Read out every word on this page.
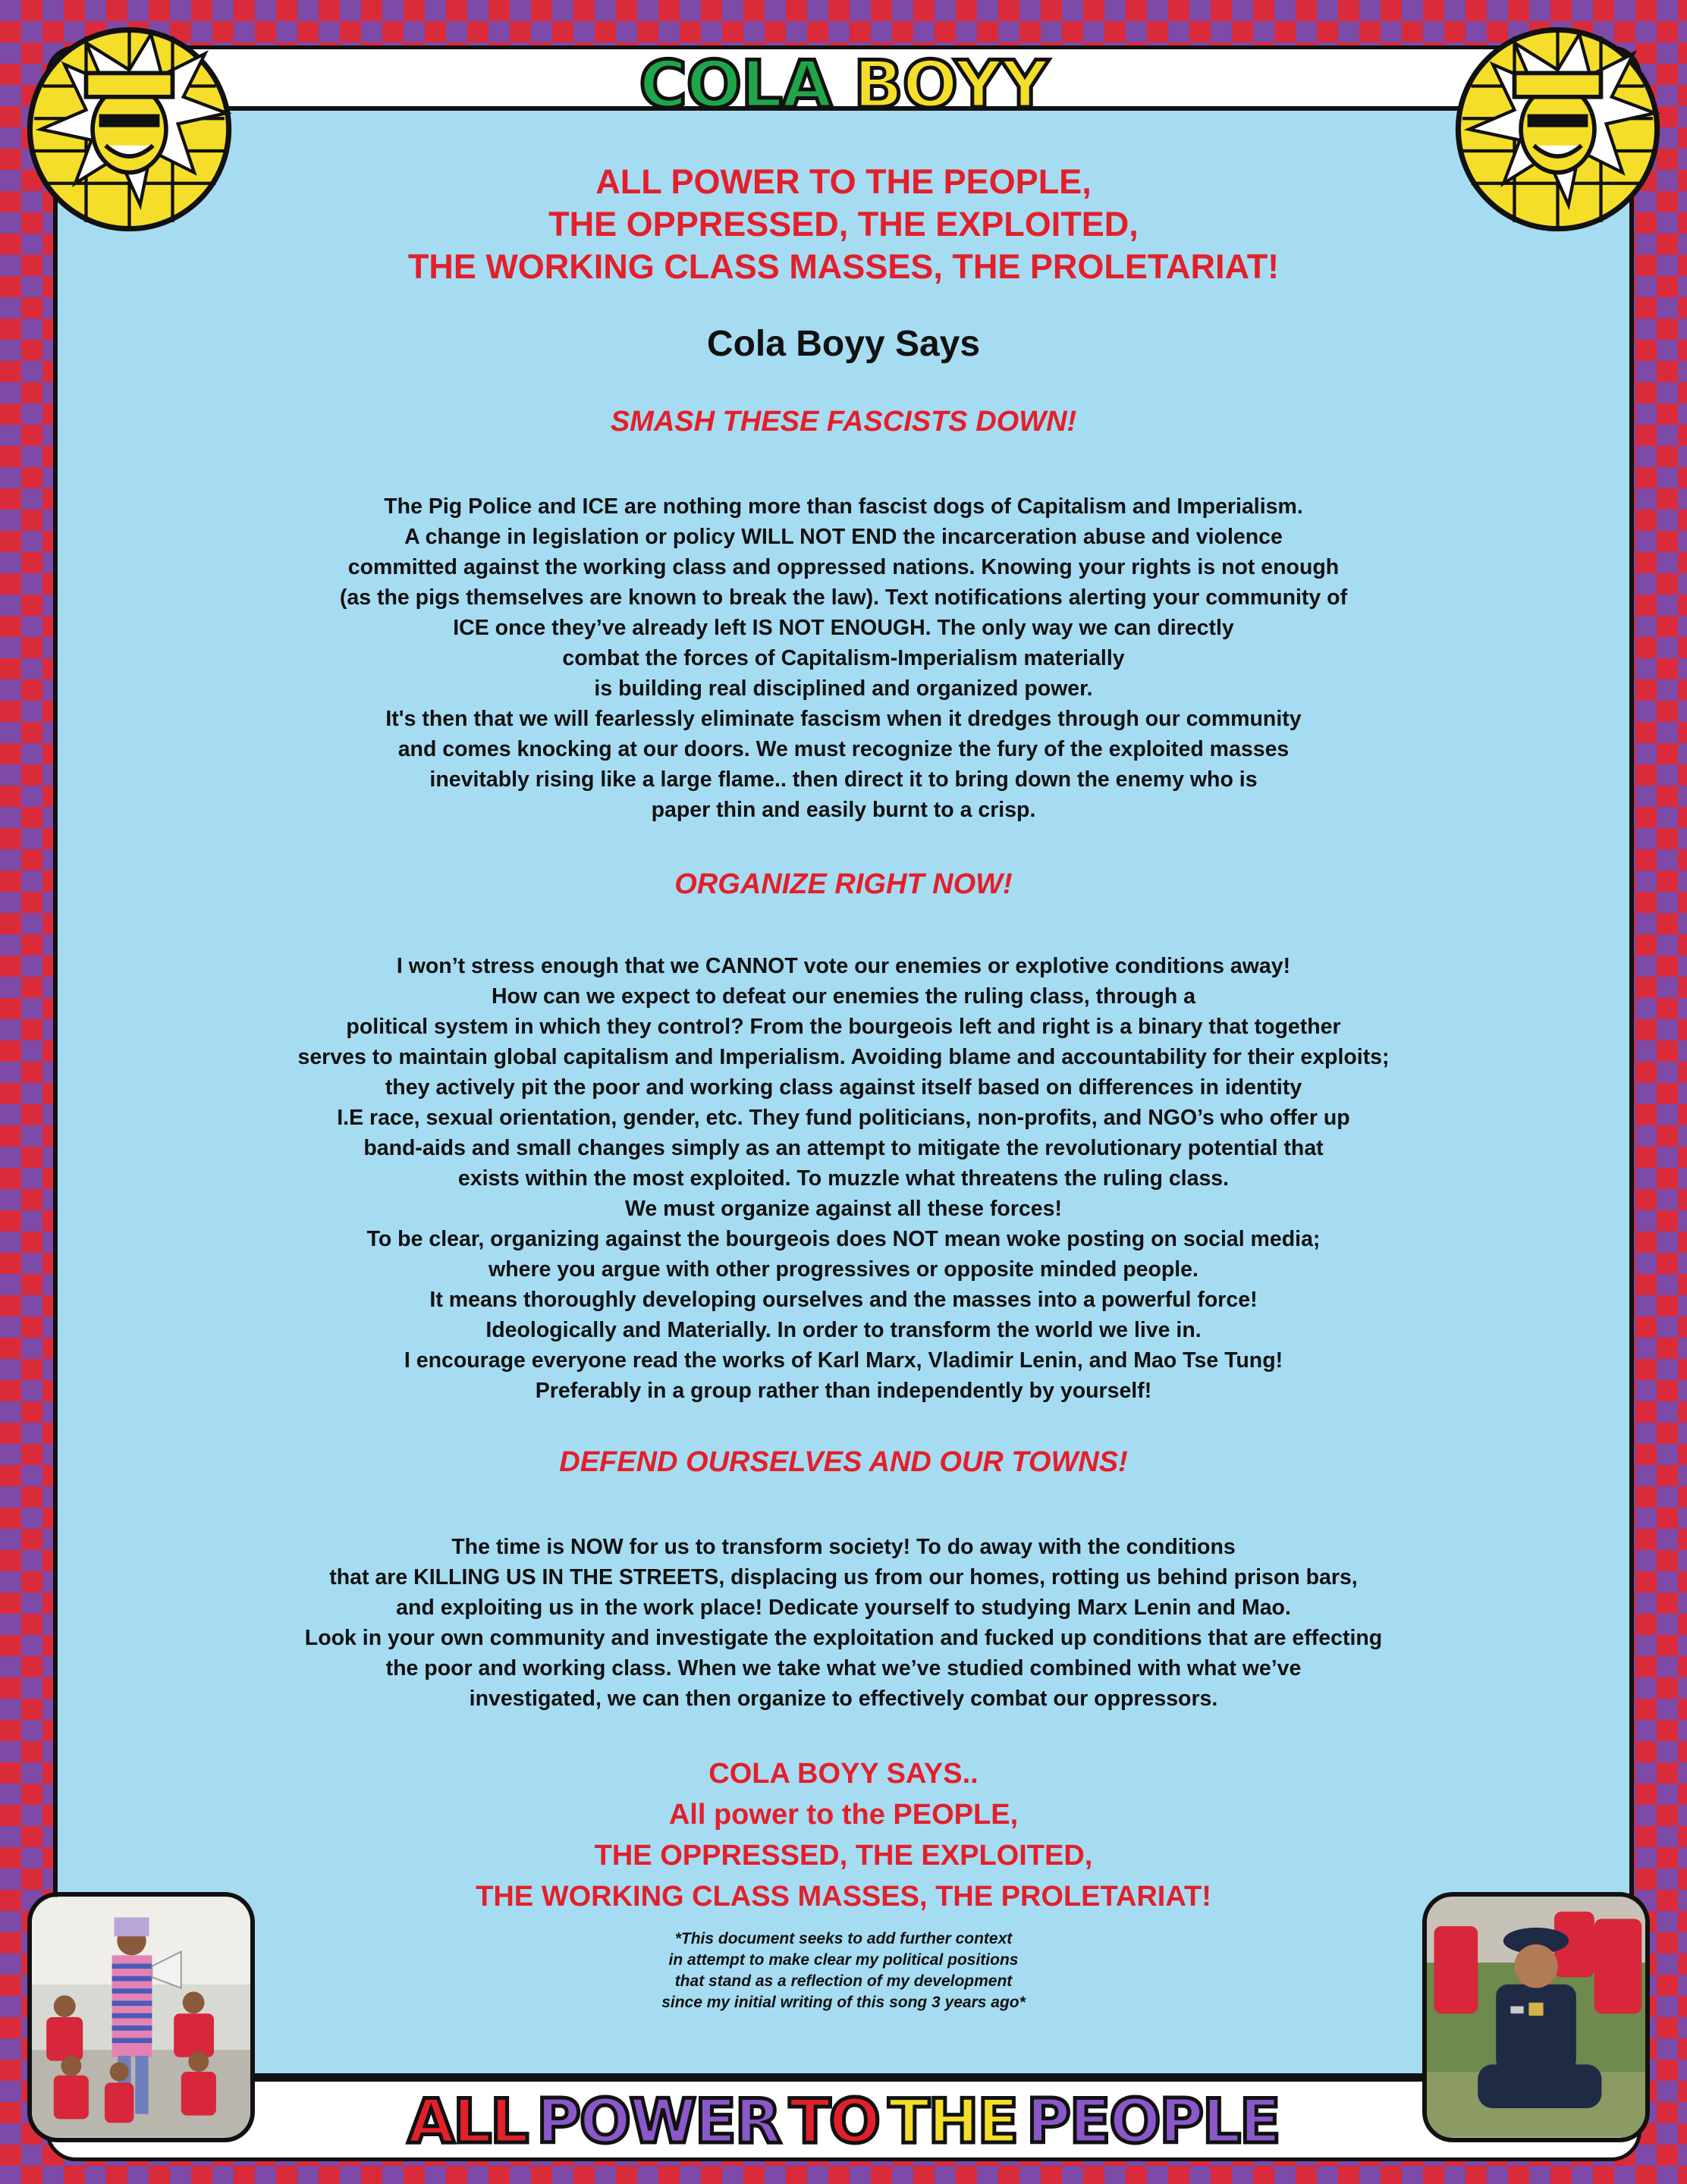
COLA BOYY
ALL POWER TO THE PEOPLE,
THE OPPRESSED, THE EXPLOITED,
THE WORKING CLASS MASSES, THE PROLETARIAT!
Cola Boyy Says
SMASH THESE FASCISTS DOWN!
The Pig Police and ICE are nothing more than fascist dogs of Capitalism and Imperialism.
A change in legislation or policy WILL NOT END the incarceration abuse and violence
committed against the working class and oppressed nations. Knowing your rights is not enough
(as the pigs themselves are known to break the law). Text notifications alerting your community of
ICE once they’ve already left IS NOT ENOUGH. The only way we can directly
combat the forces of Capitalism-Imperialism materially
is building real disciplined and organized power.
It's then that we will fearlessly eliminate fascism when it dredges through our community
and comes knocking at our doors. We must recognize the fury of the exploited masses
inevitably rising like a large flame.. then direct it to bring down the enemy who is
paper thin and easily burnt to a crisp.
ORGANIZE RIGHT NOW!
I won’t stress enough that we CANNOT vote our enemies or explotive conditions away!
How can we expect to defeat our enemies the ruling class, through a
political system in which they control? From the bourgeois left and right is a binary that together
serves to maintain global capitalism and Imperialism. Avoiding blame and accountability for their exploits;
they actively pit the poor and working class against itself based on differences in identity
I.E race, sexual orientation, gender, etc. They fund politicians, non-profits, and NGO’s who offer up
band-aids and small changes simply as an attempt to mitigate the revolutionary potential that
exists within the most exploited. To muzzle what threatens the ruling class.
We must organize against all these forces!
To be clear, organizing against the bourgeois does NOT mean woke posting on social media;
where you argue with other progressives or opposite minded people.
It means thoroughly developing ourselves and the masses into a powerful force!
Ideologically and Materially. In order to transform the world we live in.
I encourage everyone read the works of Karl Marx, Vladimir Lenin, and Mao Tse Tung!
Preferably in a group rather than independently by yourself!
DEFEND OURSELVES AND OUR TOWNS!
The time is NOW for us to transform society! To do away with the conditions
that are KILLING US IN THE STREETS, displacing us from our homes, rotting us behind prison bars,
and exploiting us in the work place! Dedicate yourself to studying Marx Lenin and Mao.
Look in your own community and investigate the exploitation and fucked up conditions that are effecting
the poor and working class. When we take what we’ve studied combined with what we’ve
investigated, we can then organize to effectively combat our oppressors.
COLA BOYY SAYS..
All power to the PEOPLE,
THE OPPRESSED, THE EXPLOITED,
THE WORKING CLASS MASSES, THE PROLETARIAT!
*This document seeks to add further context
in attempt to make clear my political positions
that stand as a reflection of my development
since my initial writing of this song 3 years ago*
ALL POWER TO THE PEOPLE
